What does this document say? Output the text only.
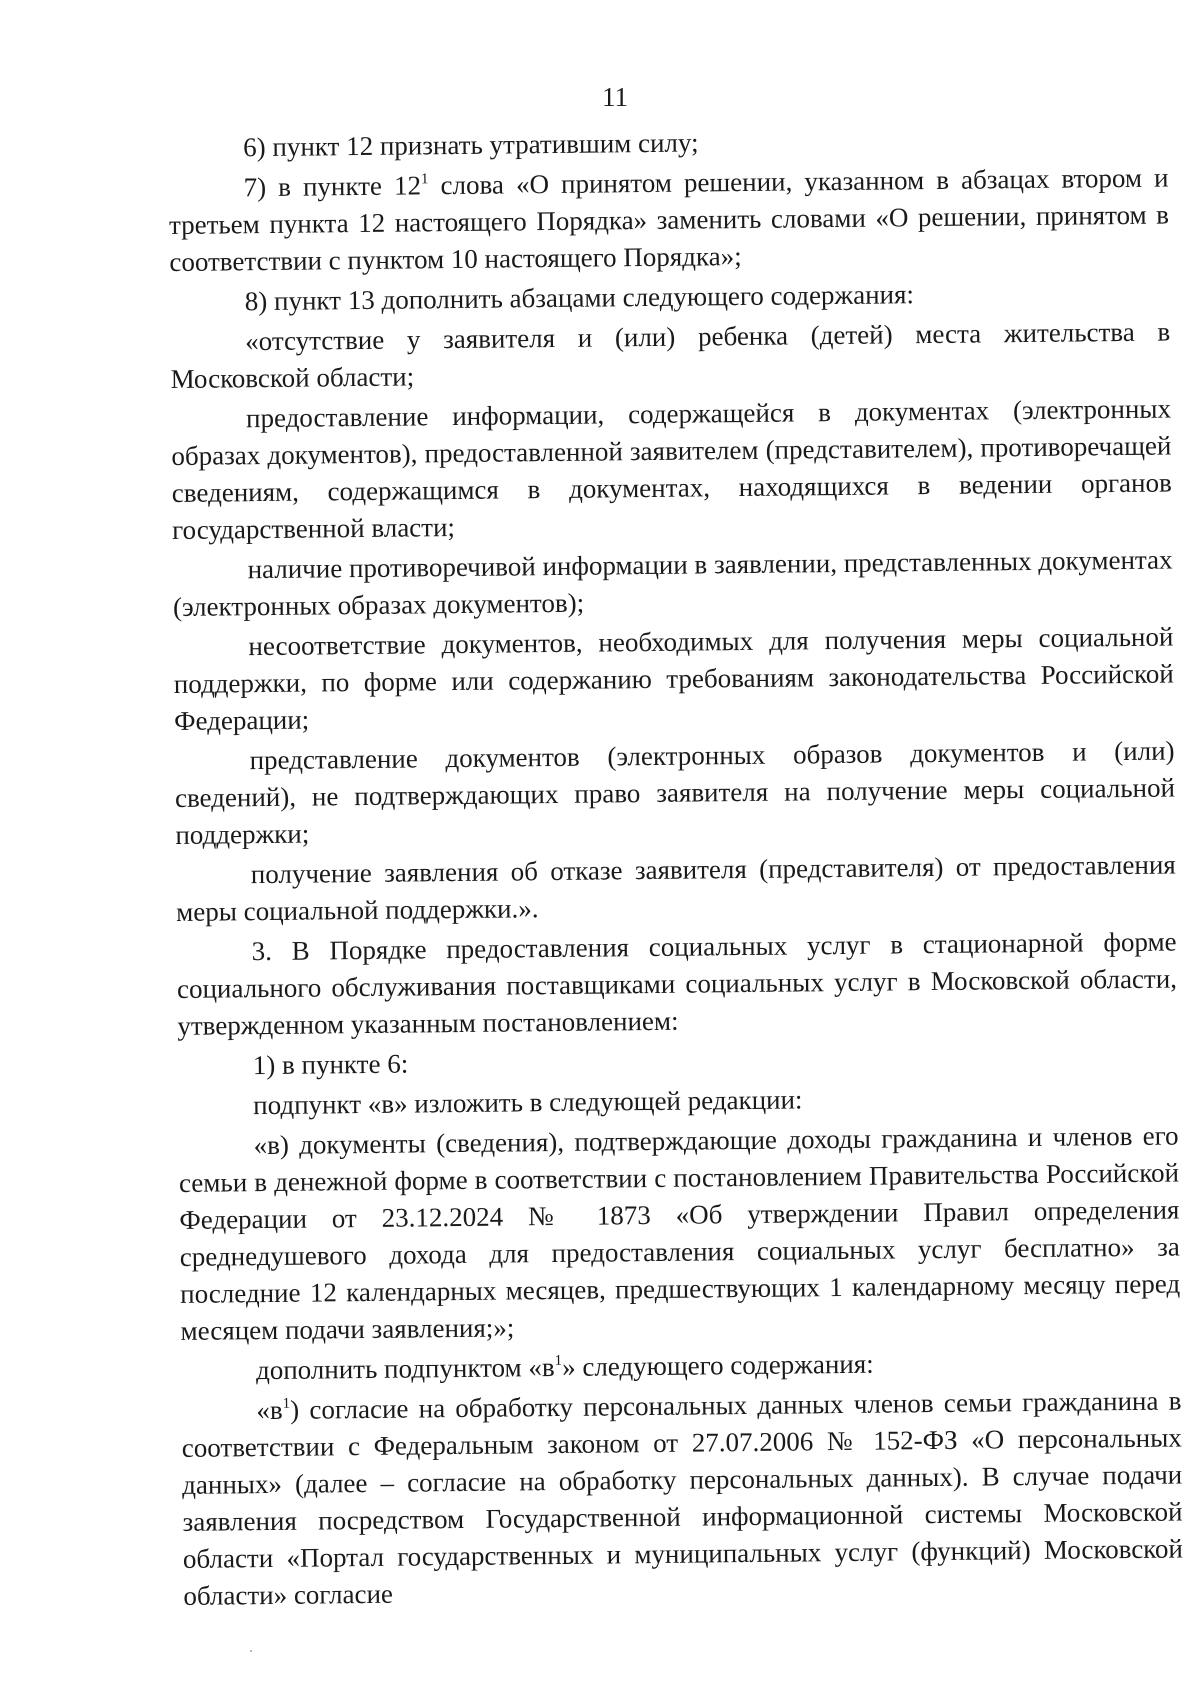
11

6) пункт 12 признать утратившим силу;

7) в пункте $12^1$ слова «О принятом решении, указанном в абзацах втором и третьем пункта 12 настоящего Порядка» заменить словами «О решении, принятом в соответствии с пунктом 10 настоящего Порядка»;

8) пункт 13 дополнить абзацами следующего содержания:

«отсутствие у заявителя и (или) ребенка (детей) места жительства в Московской области;

предоставление информации, содержащейся в документах (электронных образах документов), предоставленной заявителем (представителем), противоречащей сведениям, содержащимся в документах, находящихся в ведении органов государственной власти;

наличие противоречивой информации в заявлении, представленных документах (электронных образах документов);

несоответствие документов, необходимых для получения меры социальной поддержки, по форме или содержанию требованиям законодательства Российской Федерации;

представление документов (электронных образов документов и (или) сведений), не подтверждающих право заявителя на получение меры социальной поддержки;

получение заявления об отказе заявителя (представителя) от предоставления меры социальной поддержки.».

3. В Порядке предоставления социальных услуг в стационарной форме социального обслуживания поставщиками социальных услуг в Московской области, утвержденном указанным постановлением:

1) в пункте 6:

подпункт «в» изложить в следующей редакции:

«в) документы (сведения), подтверждающие доходы гражданина и членов его семьи в денежной форме в соответствии с постановлением Правительства Российской Федерации от 23.12.2024 № 1873 «Об утверждении Правил определения среднедушевого дохода для предоставления социальных услуг бесплатно» за последние 12 календарных месяцев, предшествующих 1 календарному месяцу перед месяцем подачи заявления;»;

дополнить подпунктом «$в^1$» следующего содержания:

«$в^1$) согласие на обработку персональных данных членов семьи гражданина в соответствии с Федеральным законом от 27.07.2006 № 152-ФЗ «О персональных данных» (далее – согласие на обработку персональных данных). В случае подачи заявления посредством Государственной информационной системы Московской области «Портал государственных и муниципальных услуг (функций) Московской области» согласие
